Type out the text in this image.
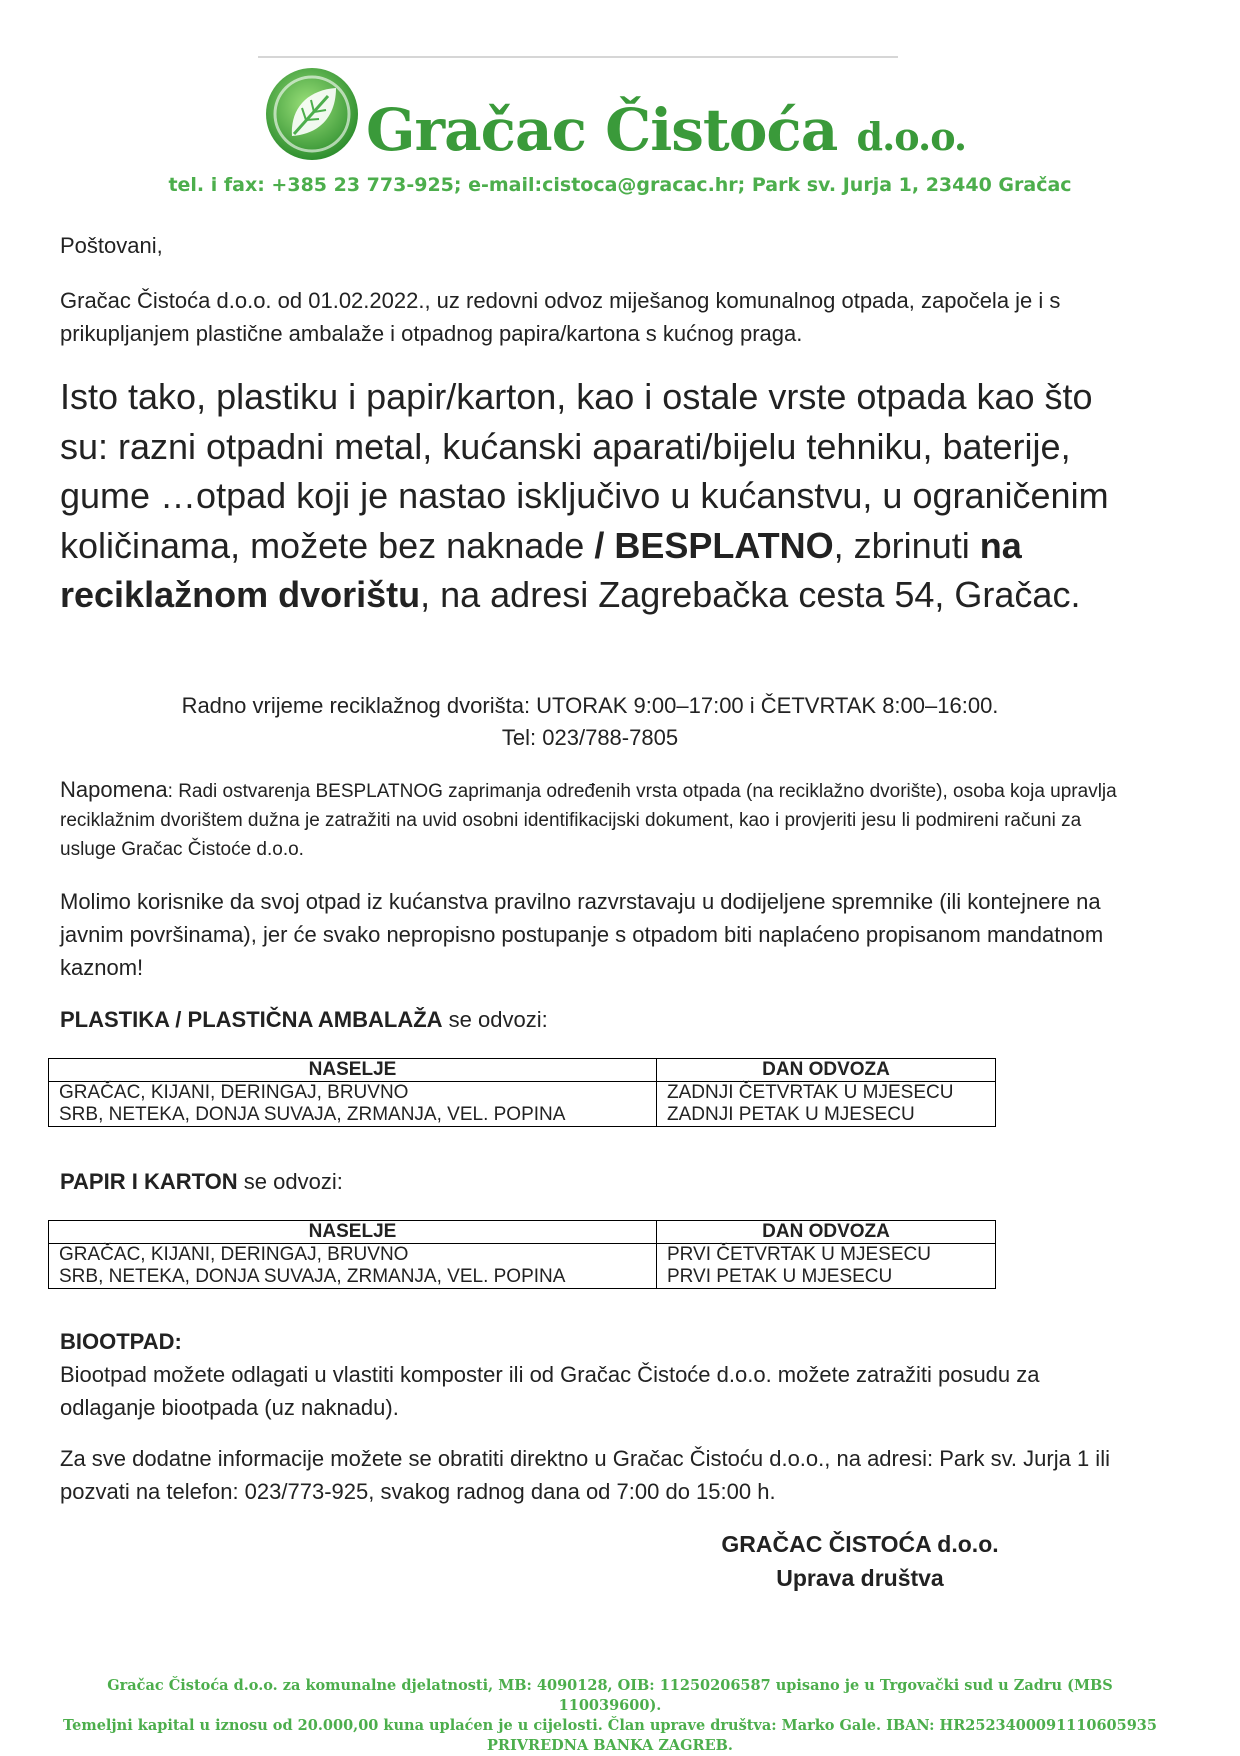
Gračac Čistoća d.o.o.
tel. i fax: +385 23 773-925; e-mail:cistoca@gracac.hr; Park sv. Jurja 1, 23440 Gračac
Poštovani,
Gračac Čistoća d.o.o. od 01.02.2022., uz redovni odvoz miješanog komunalnog otpada, započela je i s prikupljanjem plastične ambalaže i otpadnog papira/kartona s kućnog praga.
Isto tako, plastiku i papir/karton, kao i ostale vrste otpada kao što su: razni otpadni metal, kućanski aparati/bijelu tehniku, baterije, gume …otpad koji je nastao isključivo u kućanstvu, u ograničenim količinama, možete bez naknade / BESPLATNO, zbrinuti na reciklažnom dvorištu, na adresi Zagrebačka cesta 54, Gračac.
Radno vrijeme reciklažnog dvorišta: UTORAK 9:00–17:00 i ČETVRTAK 8:00–16:00.
Tel: 023/788-7805
Napomena: Radi ostvarenja BESPLATNOG zaprimanja određenih vrsta otpada (na reciklažno dvorište), osoba koja upravlja reciklažnim dvorištem dužna je zatražiti na uvid osobni identifikacijski dokument, kao i provjeriti jesu li podmireni računi za usluge Gračac Čistoće d.o.o.
Molimo korisnike da svoj otpad iz kućanstva pravilno razvrstavaju u dodijeljene spremnike (ili kontejnere na javnim površinama), jer će svako nepropisno postupanje s otpadom biti naplaćeno propisanom mandatnom kaznom!
PLASTIKA / PLASTIČNA AMBALAŽA se odvozi:
NASELJE	DAN ODVOZA
GRAČAC, KIJANI, DERINGAJ, BRUVNO	ZADNJI ČETVRTAK U MJESECU
SRB, NETEKA, DONJA SUVAJA, ZRMANJA, VEL. POPINA	ZADNJI PETAK U MJESECU
PAPIR I KARTON se odvozi:
NASELJE	DAN ODVOZA
GRAČAC, KIJANI, DERINGAJ, BRUVNO	PRVI ČETVRTAK U MJESECU
SRB, NETEKA, DONJA SUVAJA, ZRMANJA, VEL. POPINA	PRVI PETAK U MJESECU
BIOOTPAD:
Biootpad možete odlagati u vlastiti komposter ili od Gračac Čistoće d.o.o. možete zatražiti posudu za odlaganje biootpada (uz naknadu).
Za sve dodatne informacije možete se obratiti direktno u Gračac Čistoću d.o.o., na adresi: Park sv. Jurja 1 ili pozvati na telefon: 023/773-925, svakog radnog dana od 7:00 do 15:00 h.
GRAČAC ČISTOĆA d.o.o.
Uprava društva
Gračac Čistoća d.o.o. za komunalne djelatnosti, MB: 4090128, OIB: 11250206587 upisano je u Trgovački sud u Zadru (MBS 110039600).
Temeljni kapital u iznosu od 20.000,00 kuna uplaćen je u cijelosti. Član uprave društva: Marko Gale. IBAN: HR2523400091110605935
PRIVREDNA BANKA ZAGREB.
